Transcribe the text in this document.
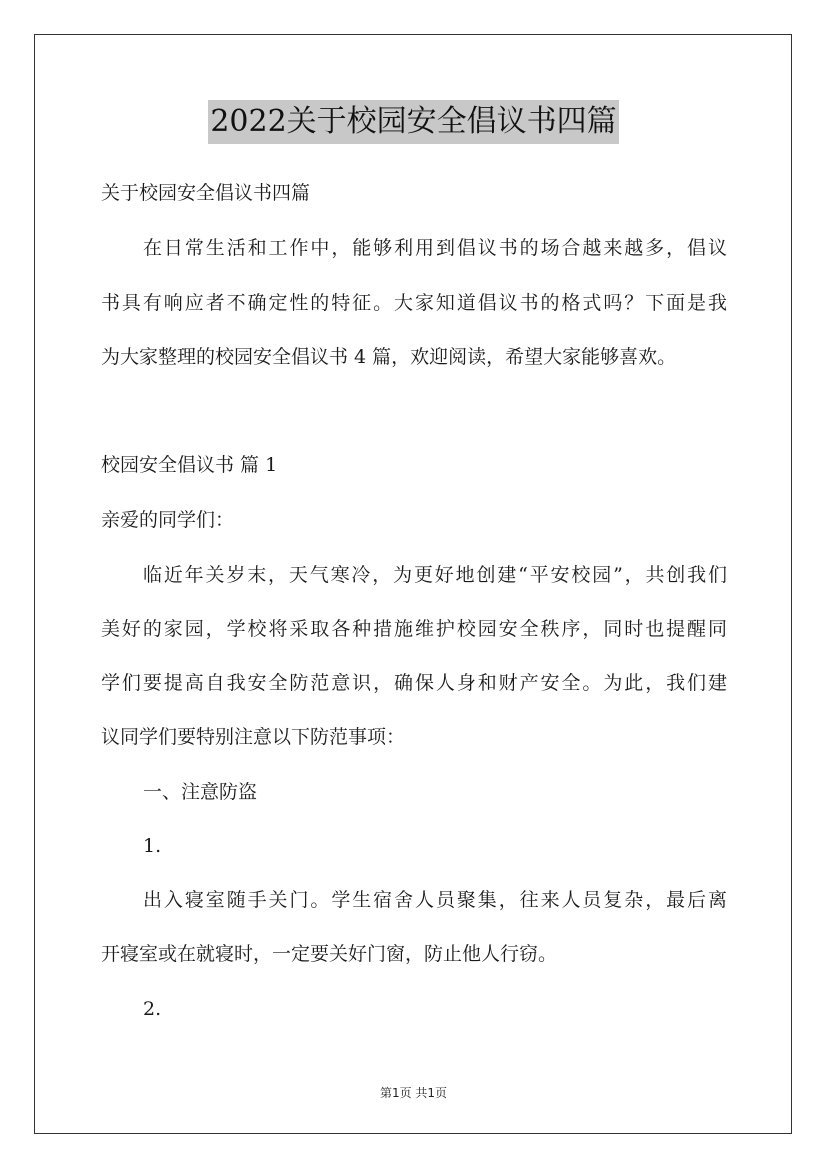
2022关于校园安全倡议书四篇
关于校园安全倡议书四篇
在日常生活和工作中，能够利用到倡议书的场合越来越多，倡议
书具有响应者不确定性的特征。大家知道倡议书的格式吗？下面是我
为大家整理的校园安全倡议书 4 篇，欢迎阅读，希望大家能够喜欢。
校园安全倡议书 篇 1
亲爱的同学们：
临近年关岁末，天气寒冷，为更好地创建“平安校园”，共创我们
美好的家园，学校将采取各种措施维护校园安全秩序，同时也提醒同
学们要提高自我安全防范意识，确保人身和财产安全。为此，我们建
议同学们要特别注意以下防范事项：
一、注意防盗
1.
出入寝室随手关门。学生宿舍人员聚集，往来人员复杂，最后离
开寝室或在就寝时，一定要关好门窗，防止他人行窃。
2.
第1页 共1页
